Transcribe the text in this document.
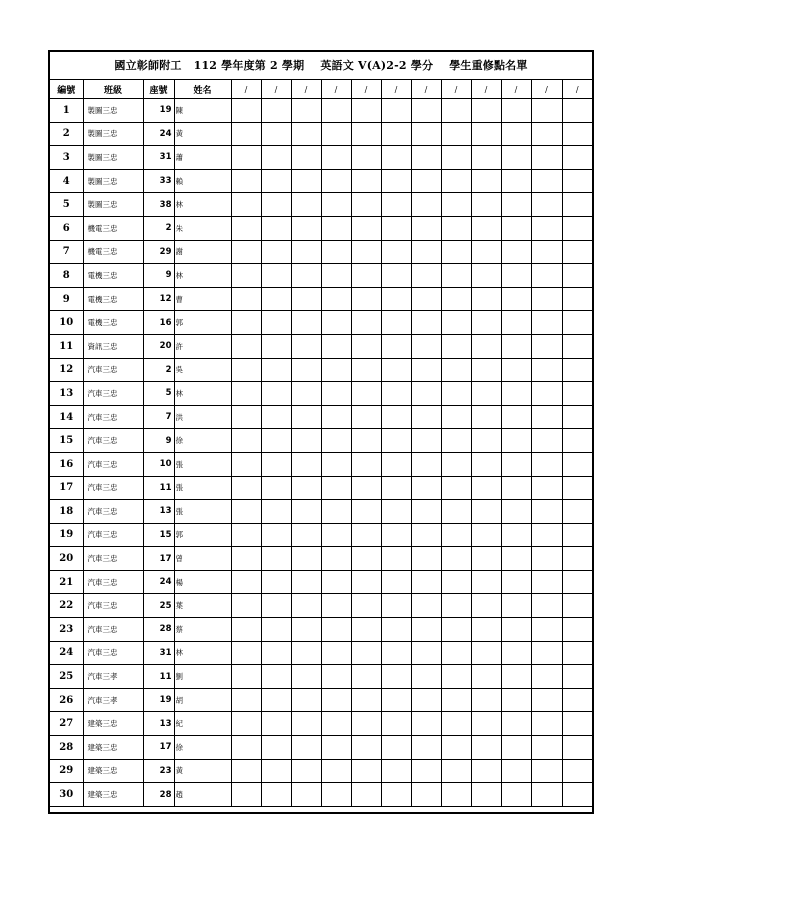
國立彰師附工 112 學年度第 2 學期 英語文 V(A)2-2 學分 學生重修點名單
編號	班級	座號	姓名	/	/	/	/	/	/	/	/	/	/	/	/
1	製圖三忠	19	陳

2	製圖三忠	24	黃

3	製圖三忠	31	蕭

4	製圖三忠	33	賴

5	製圖三忠	38	林

6	機電三忠	2	朱

7	機電三忠	29	謝

8	電機三忠	9	林

9	電機三忠	12	曹

10	電機三忠	16	郭

11	資訊三忠	20	許

12	汽車三忠	2	吳

13	汽車三忠	5	林

14	汽車三忠	7	洪

15	汽車三忠	9	徐

16	汽車三忠	10	張

17	汽車三忠	11	張

18	汽車三忠	13	張

19	汽車三忠	15	郭

20	汽車三忠	17	曾

21	汽車三忠	24	楊

22	汽車三忠	25	葉

23	汽車三忠	28	蔡

24	汽車三忠	31	林

25	汽車三孝	11	劉

26	汽車三孝	19	胡

27	建築三忠	13	紀

28	建築三忠	17	徐

29	建築三忠	23	黃

30	建築三忠	28	趙
